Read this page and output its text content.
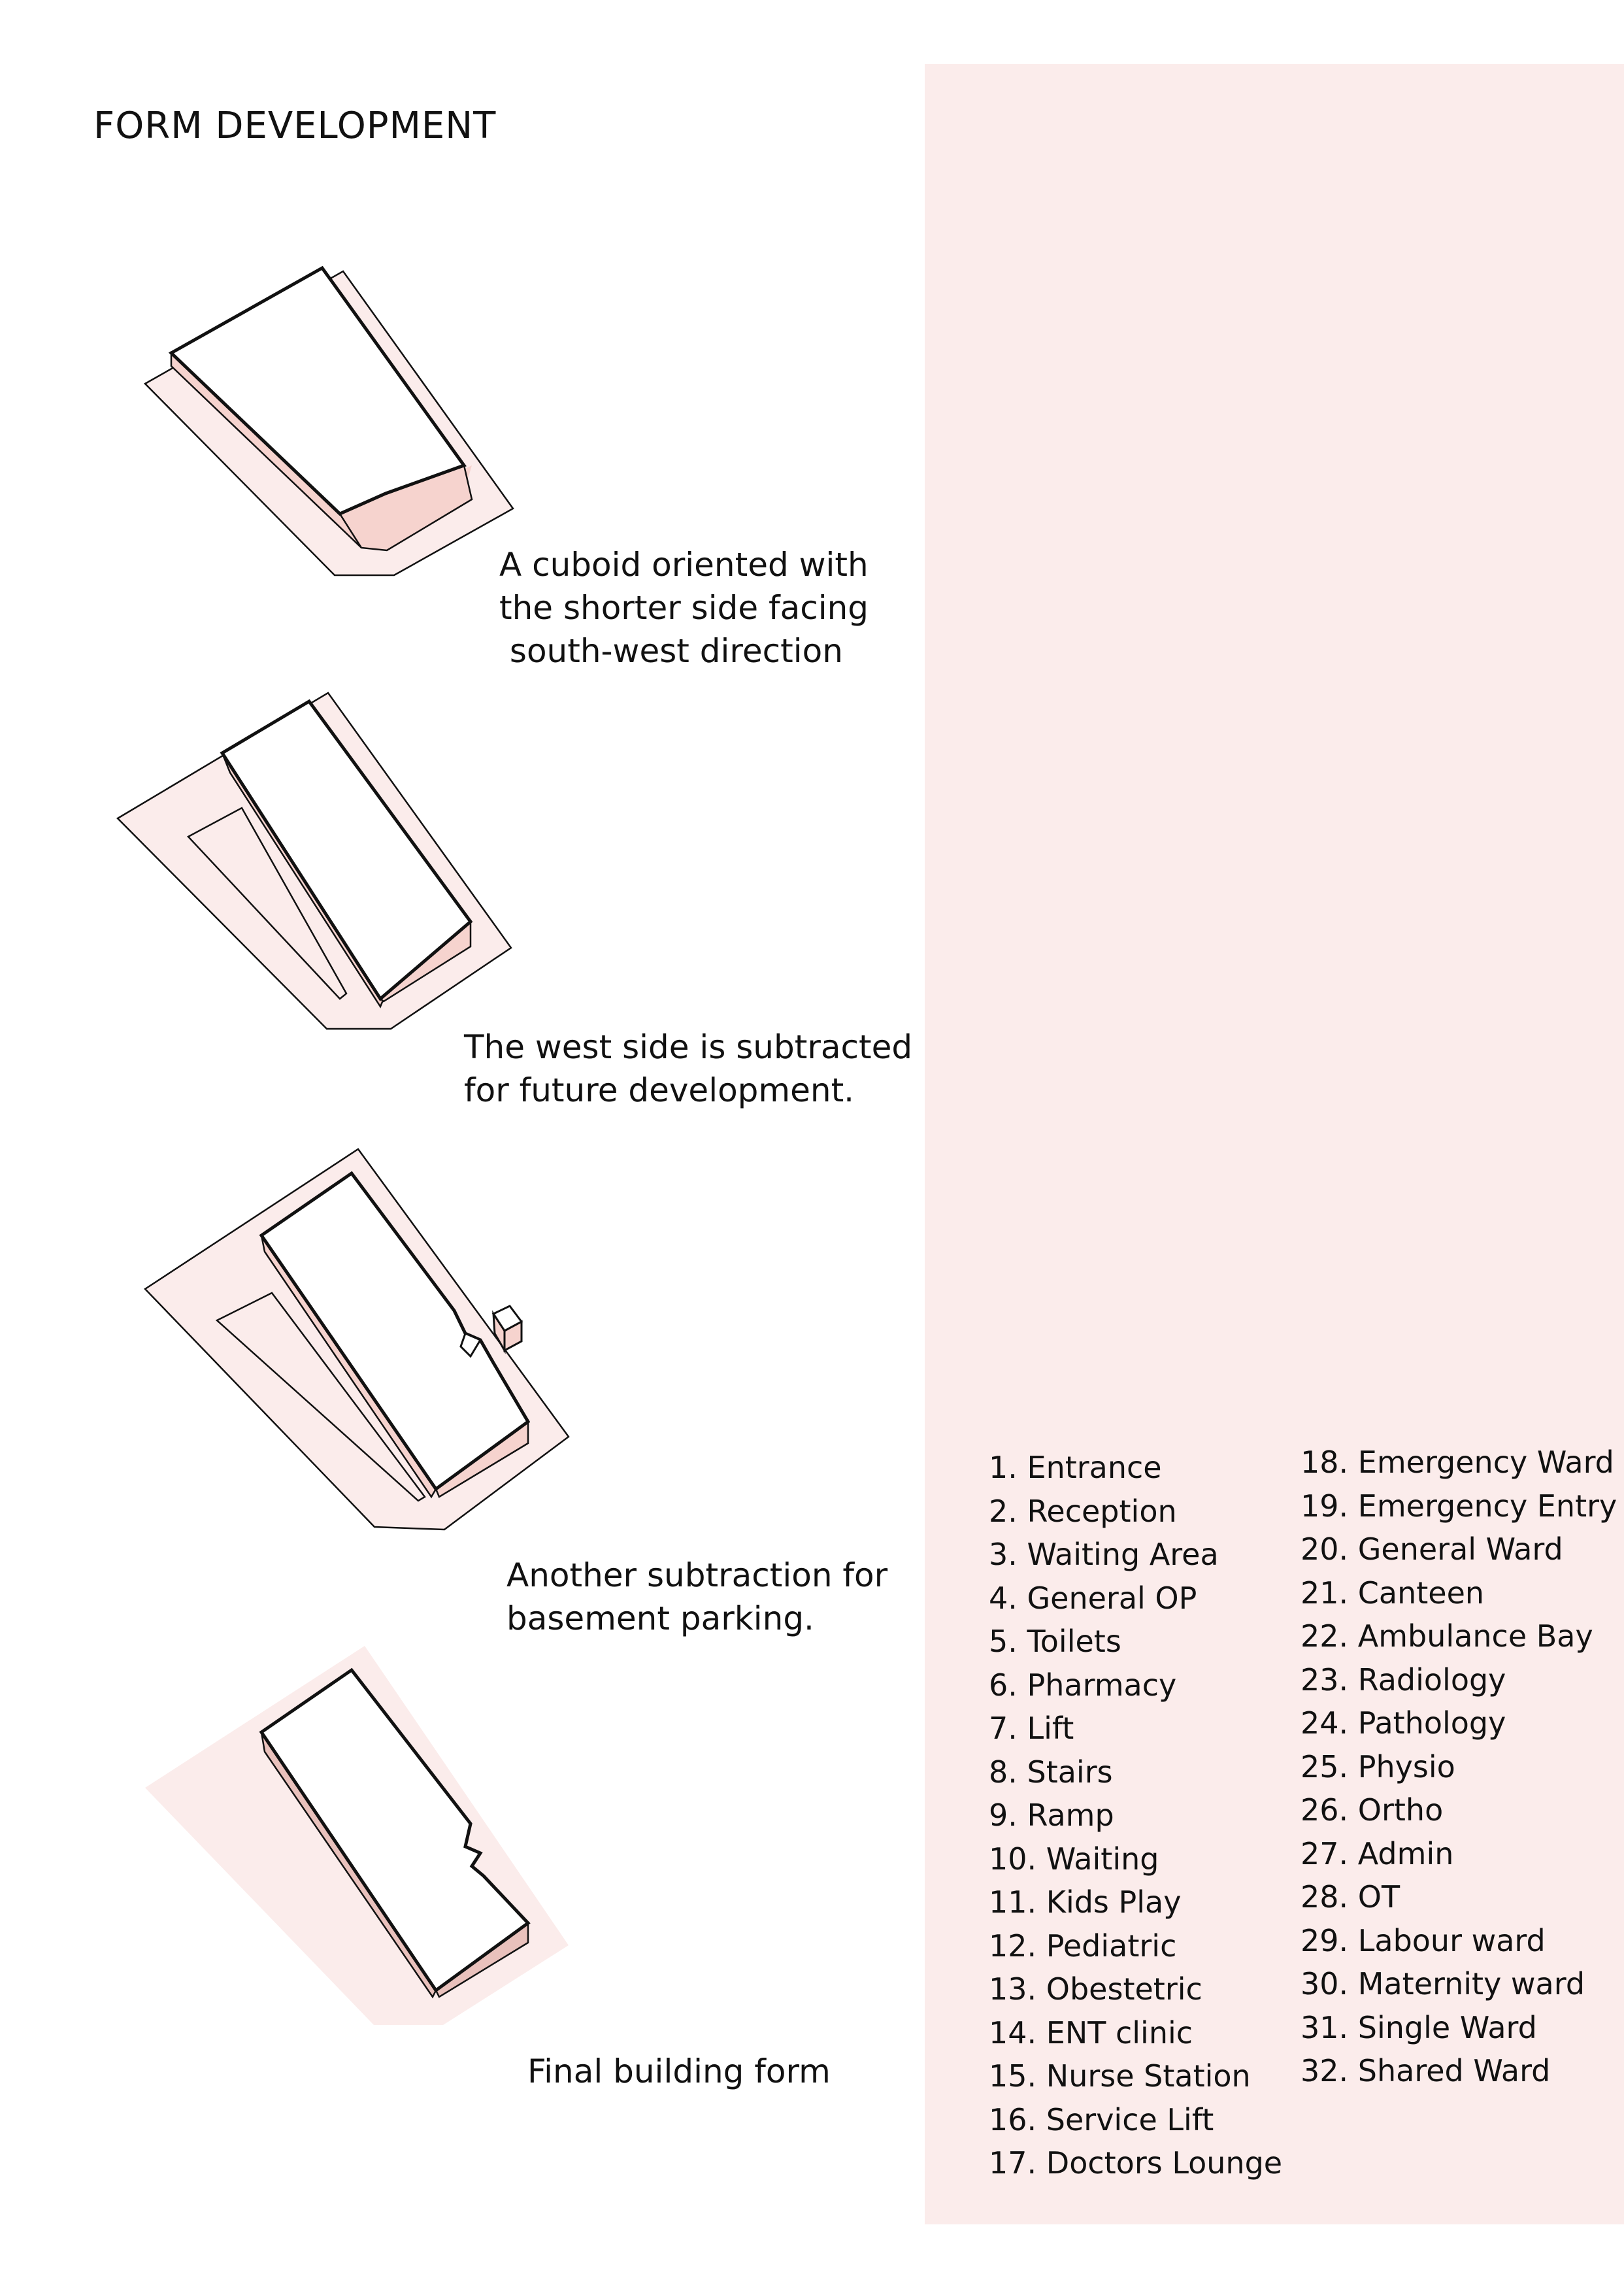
FORM DEVELOPMENT
A cuboid oriented with
the shorter side facing
south-west direction
The west side is subtracted
for future development.
Another subtraction for
basement parking.
Final building form
1. Entrance
2. Reception
3. Waiting Area
4. General OP
5. Toilets
6. Pharmacy
7. Lift
8. Stairs
9. Ramp
10. Waiting
11. Kids Play
12. Pediatric
13. Obestetric
14. ENT clinic
15. Nurse Station
16. Service Lift
17. Doctors Lounge
18. Emergency Ward
19. Emergency Entry
20. General Ward
21. Canteen
22. Ambulance Bay
23. Radiology
24. Pathology
25. Physio
26. Ortho
27. Admin
28. OT
29. Labour ward
30. Maternity ward
31. Single Ward
32. Shared Ward
